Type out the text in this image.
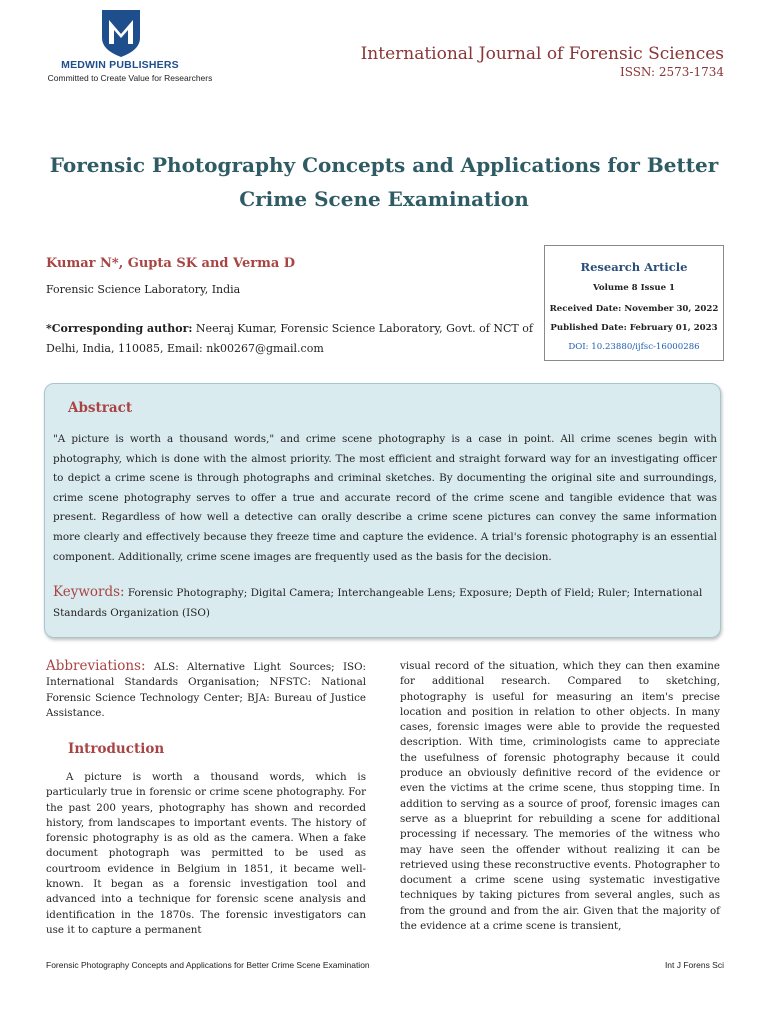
MEDWIN PUBLISHERS
Committed to Create Value for Researchers
International Journal of Forensic Sciences
ISSN: 2573-1734
Forensic Photography Concepts and Applications for Better Crime Scene Examination
Kumar N*, Gupta SK and Verma D
Forensic Science Laboratory, India
*Corresponding author: Neeraj Kumar, Forensic Science Laboratory, Govt. of NCT of Delhi, India, 110085, Email: nk00267@gmail.com
Research Article
Volume 8 Issue 1
Received Date: November 30, 2022
Published Date: February 01, 2023
DOI: 10.23880/ijfsc-16000286
Abstract
"A picture is worth a thousand words," and crime scene photography is a case in point. All crime scenes begin with photography, which is done with the almost priority. The most efficient and straight forward way for an investigating officer to depict a crime scene is through photographs and criminal sketches. By documenting the original site and surroundings, crime scene photography serves to offer a true and accurate record of the crime scene and tangible evidence that was present. Regardless of how well a detective can orally describe a crime scene pictures can convey the same information more clearly and effectively because they freeze time and capture the evidence. A trial's forensic photography is an essential component. Additionally, crime scene images are frequently used as the basis for the decision.
Keywords: Forensic Photography; Digital Camera; Interchangeable Lens; Exposure; Depth of Field; Ruler; International Standards Organization (ISO)
Abbreviations: ALS: Alternative Light Sources; ISO: International Standards Organisation; NFSTC: National Forensic Science Technology Center; BJA: Bureau of Justice Assistance.
Introduction
A picture is worth a thousand words, which is particularly true in forensic or crime scene photography. For the past 200 years, photography has shown and recorded history, from landscapes to important events. The history of forensic photography is as old as the camera. When a fake document photograph was permitted to be used as courtroom evidence in Belgium in 1851, it became well-known. It began as a forensic investigation tool and advanced into a technique for forensic scene analysis and identification in the 1870s. The forensic investigators can use it to capture a permanent
visual record of the situation, which they can then examine for additional research. Compared to sketching, photography is useful for measuring an item's precise location and position in relation to other objects. In many cases, forensic images were able to provide the requested description. With time, criminologists came to appreciate the usefulness of forensic photography because it could produce an obviously definitive record of the evidence or even the victims at the crime scene, thus stopping time. In addition to serving as a source of proof, forensic images can serve as a blueprint for rebuilding a scene for additional processing if necessary. The memories of the witness who may have seen the offender without realizing it can be retrieved using these reconstructive events. Photographer to document a crime scene using systematic investigative techniques by taking pictures from several angles, such as from the ground and from the air. Given that the majority of the evidence at a crime scene is transient,
Forensic Photography Concepts and Applications for Better Crime Scene Examination	Int J Forens Sci
